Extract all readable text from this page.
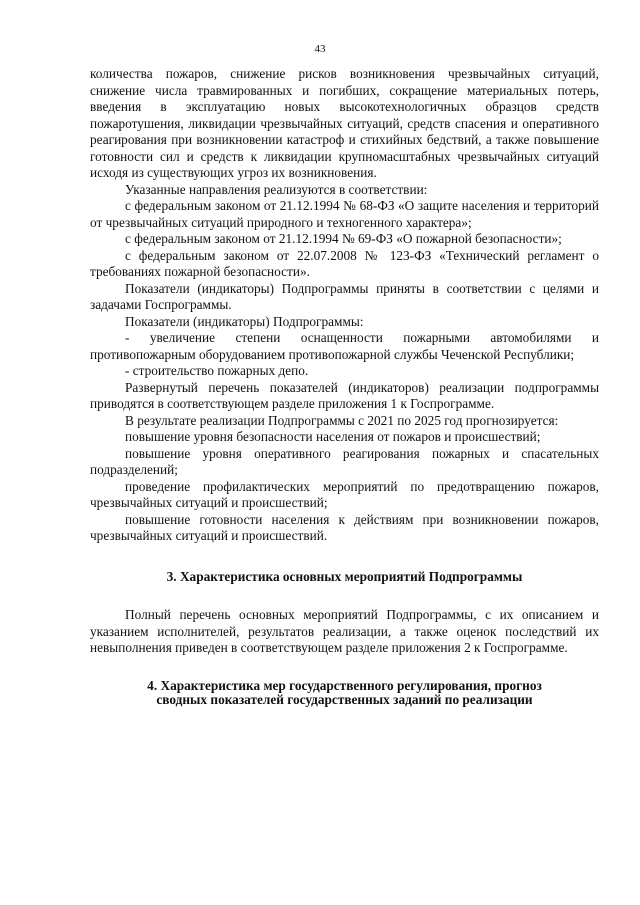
43

количества пожаров, снижение рисков возникновения чрезвычайных ситуаций, снижение числа травмированных и погибших, сокращение материальных потерь, введения в эксплуатацию новых высокотехнологичных образцов средств пожаротушения, ликвидации чрезвычайных ситуаций, средств спасения и оперативного реагирования при возникновении катастроф и стихийных бедствий, а также повышение готовности сил и средств к ликвидации крупномасштабных чрезвычайных ситуаций исходя из существующих угроз их возникновения.

Указанные направления реализуются в соответствии:

с федеральным законом от 21.12.1994 № 68-ФЗ «О защите населения и территорий от чрезвычайных ситуаций природного и техногенного характера»;

с федеральным законом от 21.12.1994 № 69-ФЗ «О пожарной безопасности»;

с федеральным законом от 22.07.2008 № 123-ФЗ «Технический регламент о требованиях пожарной безопасности».

Показатели (индикаторы) Подпрограммы приняты в соответствии с целями и задачами Госпрограммы.

Показатели (индикаторы) Подпрограммы:

- увеличение степени оснащенности пожарными автомобилями и противопожарным оборудованием противопожарной службы Чеченской Республики;

- строительство пожарных депо.

Развернутый перечень показателей (индикаторов) реализации подпрограммы приводятся в соответствующем разделе приложения 1 к Госпрограмме.

В результате реализации Подпрограммы с 2021 по 2025 год прогнозируется:

повышение уровня безопасности населения от пожаров и происшествий;

повышение уровня оперативного реагирования пожарных и спасательных подразделений;

проведение профилактических мероприятий по предотвращению пожаров, чрезвычайных ситуаций и происшествий;

повышение готовности населения к действиям при возникновении пожаров, чрезвычайных ситуаций и происшествий.

3. Характеристика основных мероприятий Подпрограммы

Полный перечень основных мероприятий Подпрограммы, с их описанием и указанием исполнителей, результатов реализации, а также оценок последствий их невыполнения приведен в соответствующем разделе приложения 2 к Госпрограмме.

4. Характеристика мер государственного регулирования, прогноз
сводных показателей государственных заданий по реализации
